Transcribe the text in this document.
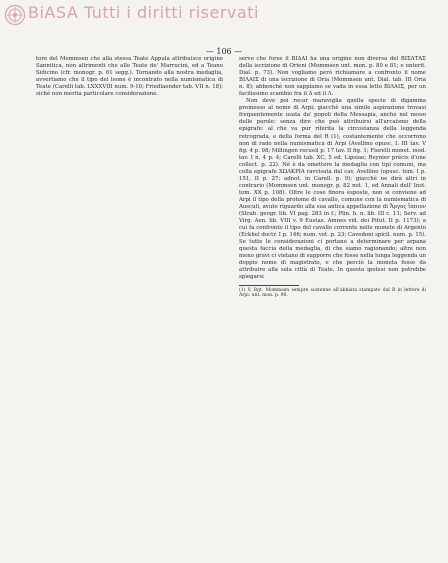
BiASA Tutti i diritti riservati
— 106 —

tore del Mommsen che alla stessa Teate Appula attribuisce origine Sannitica, non altrimenti che alle Teate de' Marrucini, ed a Teano Sidicino (cfr. monogr. p. 61 segg.). Tornando alla nostra medaglia, avvertiamo che il tipo del leone è incontrato nella numismatica di Teate (Carelli tab. LXXXVIII num. 9-10; Friedlaender tab. VII n. 18); siché non merita particolare considerazione.

servo che forse il ΒΙΔΑΙ ha una origine non diversa del ΒΙΣΑΤΑΣ della iscrizione di Orieni (Mommsen unt. mon. p. 80 e 81; e unterit. Dial. p. 73). Non vogliamo però richiamare a confronto il nome ΒΙΛΑΙΣ di una iscrizione di Oria (Mommsen unt. Dial. tab. III Oria n. 8); abbenchè non sappiamo se vada in essa letto ΒΙΛΑΙΣ, per un facilissimo scambio fra il Δ ed il Λ.

Non deve poi recar maraviglia quella specie di digamma premesso al nome di Arpi; giacchè una simile aspirazione trovasi frequentemente usata da' popoli della Messapia, anche nel nesso delle parole: senza dire che può attribuirsi all'arcaismo della epigrafe: al che va pur riferita la circostanza della leggenda retrograda, e della forma del R (1), costantemente che occorrono non di rado nella numismatica di Arpi (Avellino opusc. I. III tav. V fig. 4 p. 98; Millingen recueil p. 17 tav. II fig. 1; Fiorelli monet. inod. tav. I n. 4 p. 4; Carelli tab. XC, 5 ed. Lipsiae; Reynier précis d'une collect. p. 22). Nè è da omettere la medaglia con tipi comuni, ma colla epigrafe ΧΩΛΚΡΙΑ ravvisata dal cav. Avellino (opusc. tom. I p. 151, II p. 27; adnot. in Carell. p. 9); giacchè ne dirà altri in contrario (Mommsen unt. monogr. p. 82 not. 1, ed Annali dell' Inst. tom. XX p. 108). Oltre le cose finora esposte, non si conviene ad Arpi il tipo della protome di cavallo, comune con la numismatica di Ausculi, avuto riguardo alla sua antica appellazione di Ἄργος ἵππιον (Strab. geogr. lib. VI pag. 283 in f.; Plin. h. n. lib. III c. 11; Serv. ad Virg. Aen. lib. VIII v. 9 Eustaz. Amnes vid. dei Pitut. II p. 1173); a cui fa confronto il tipo del cavallo corrente nelle monete di Argento (Eckhel doctr. I p. 146; num. vet. p. 23; Cavedoni spicil. num. p. 15). Se tutte le considerazioni ci portano a determinare per arpana questa faccia della medaglia, di che siamo ragionando; altre non meno gravi ci vietano di supporre che fosse nella lunga leggenda un doppio nome di magistrato, e che perciò la moneta fosse da attribuire alla sola città di Teate. In questa ipotesi non potrebbe spiegarsi

(1) V. Bgt. Mommsen sempre sostenne all'abbiata stampato dal R in lettere di Arpi: unt. mon. p. 98.
